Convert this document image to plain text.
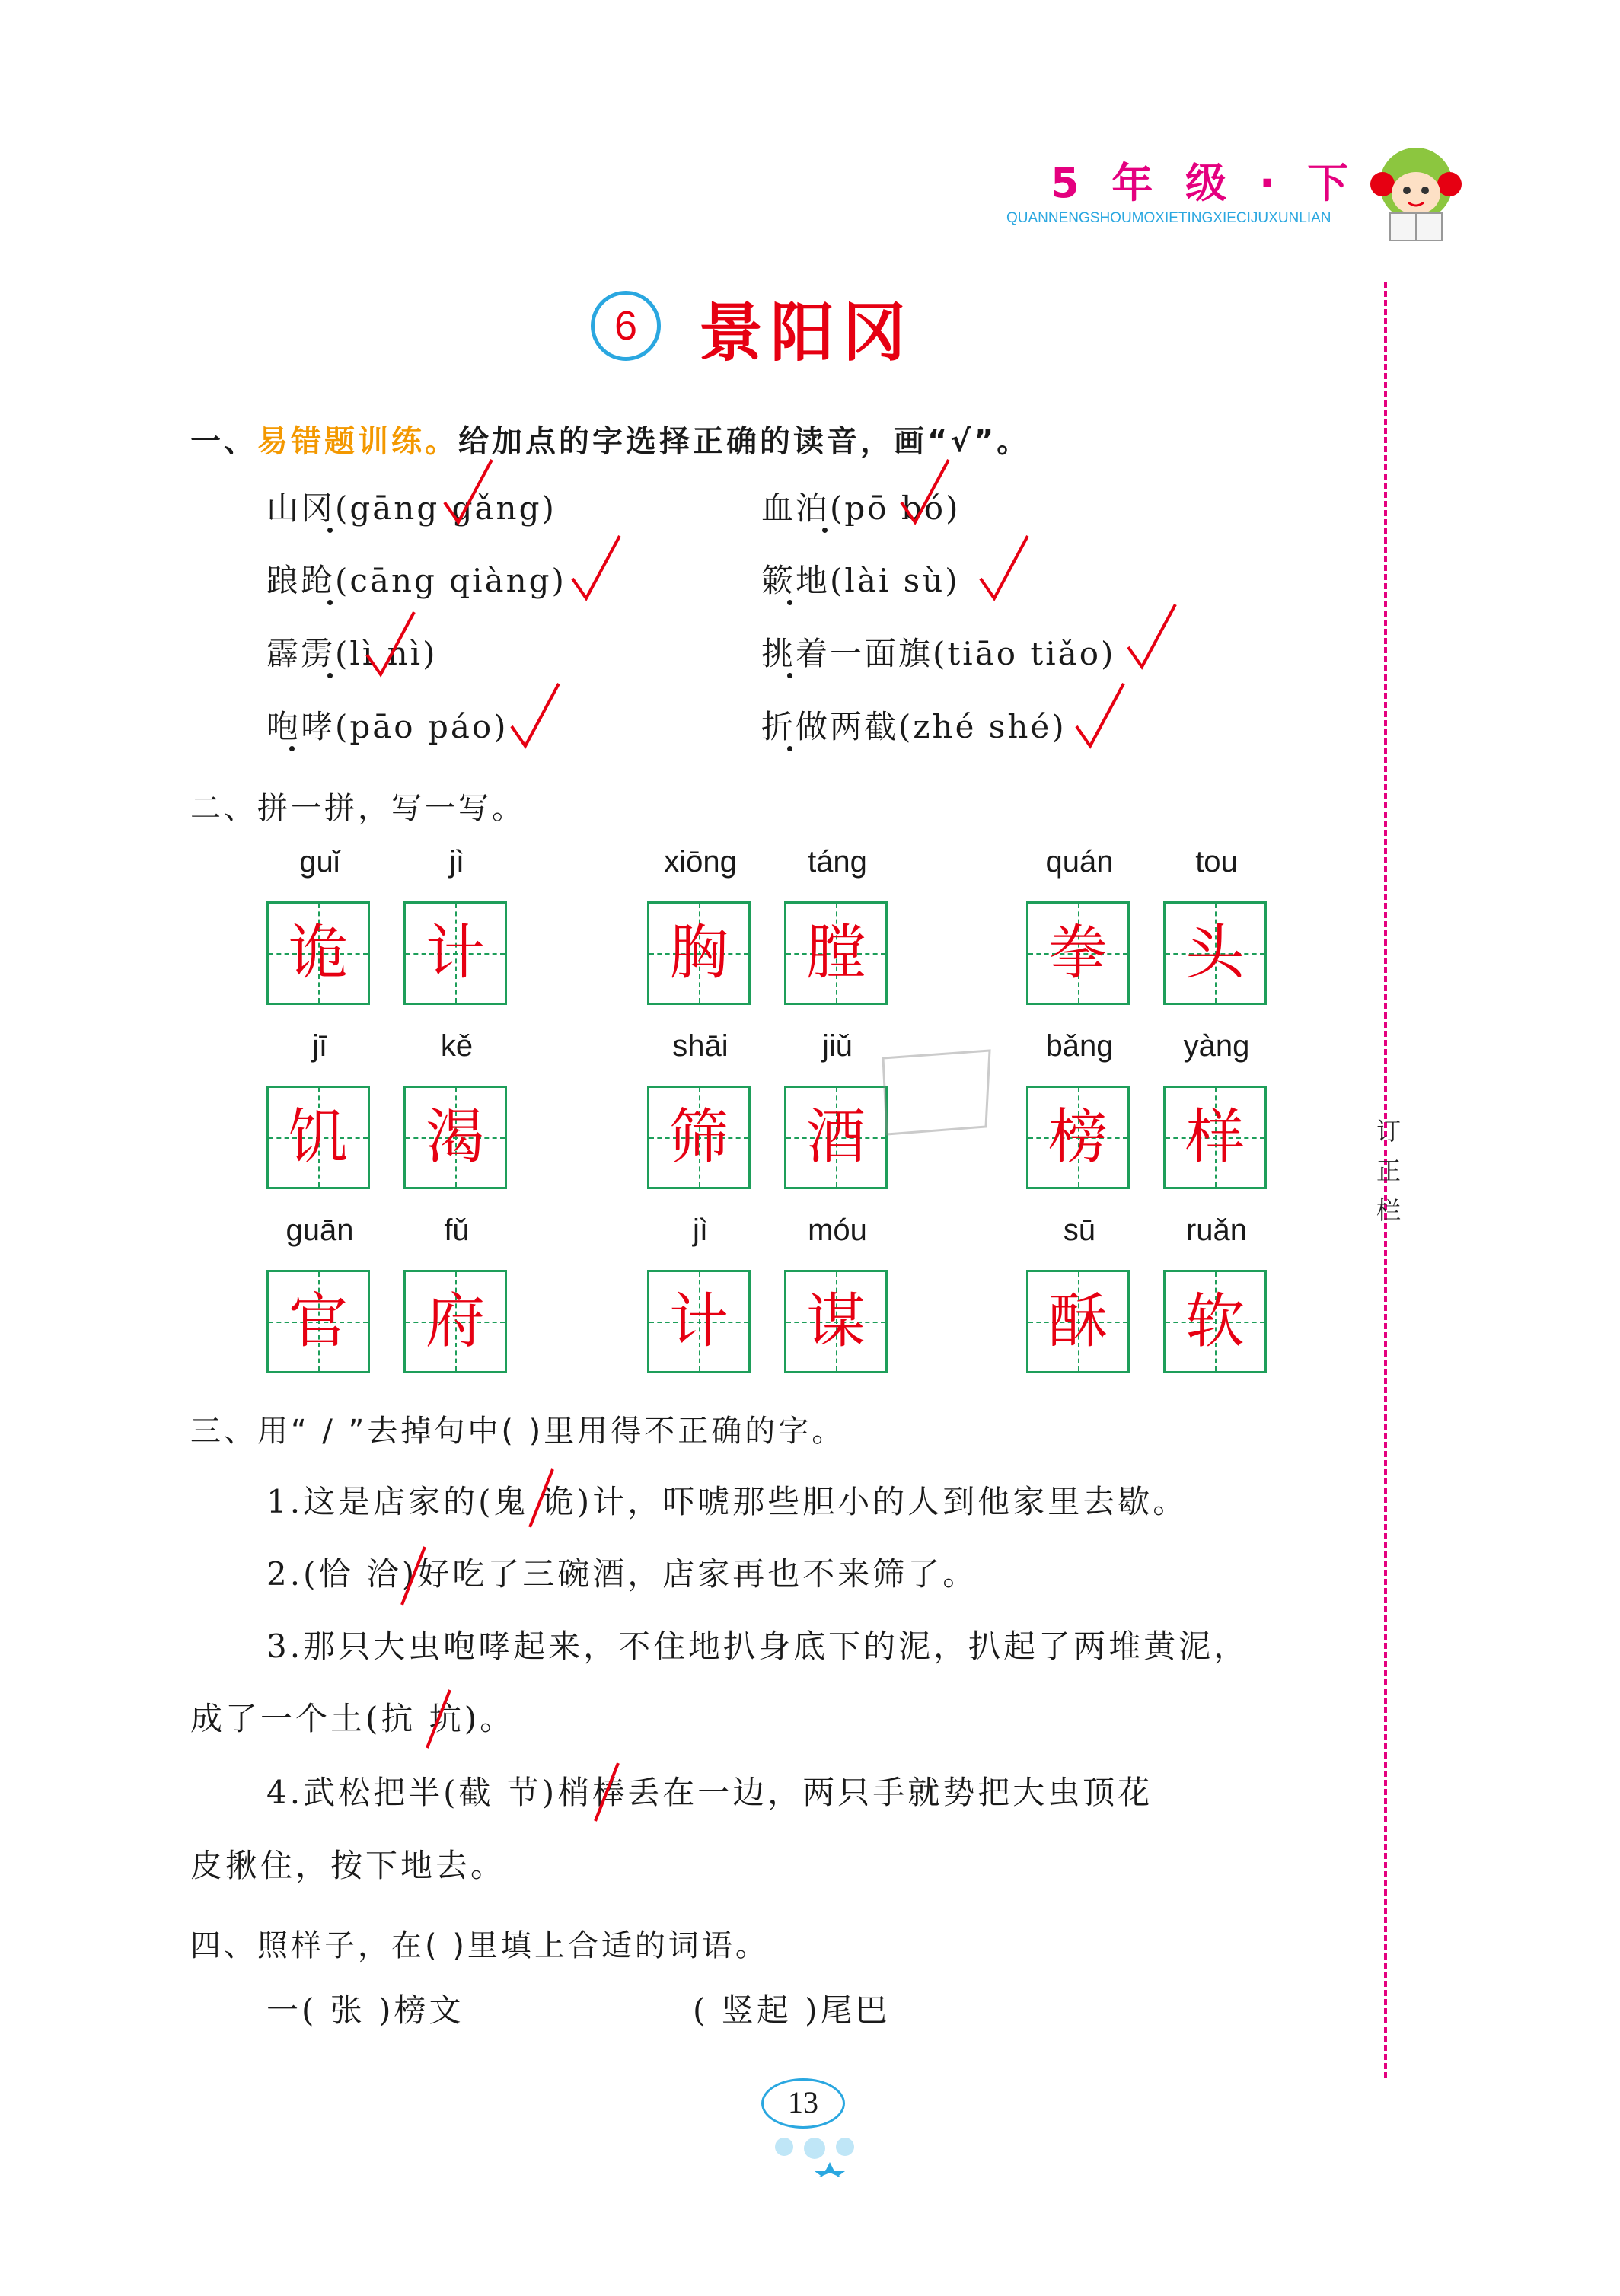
5 年 级 · 下
QUANNENGSHOUMOXIETINGXIECIJUXUNLIAN
订正栏
6 景阳冈
一、易错题训练。给加点的字选择正确的读音，画“√”。
山冈(gāng gǎng)	血泊(pō bó)
踉跄(cāng qiàng)	簌地(lài sù)
霹雳(lì nì)	挑着一面旗(tiāo tiǎo)
咆哮(pāo páo)	折做两截(zhé shé)
二、拼一拼，写一写。
guǐ	jì	xiōng	táng	quán	tou
诡	计	胸	膛	拳	头
jī	kě	shāi	jiǔ	bǎng	yàng
饥	渴	筛	酒	榜	样
guān	fǔ	jì	móu	sū	ruǎn
官	府	计	谋	酥	软
三、用“ / ”去掉句中( )里用得不正确的字。
1.这是店家的(鬼 诡)计，吓唬那些胆小的人到他家里去歇。
2.(恰 洽)好吃了三碗酒，店家再也不来筛了。
3.那只大虫咆哮起来，不住地扒身底下的泥，扒起了两堆黄泥，
成了一个土(抗 坑)。
4.武松把半(截 节)梢棒丢在一边，两只手就势把大虫顶花
皮揪住，按下地去。
四、照样子，在( )里填上合适的词语。
一( 张 )榜文	( 竖起 )尾巴
13
